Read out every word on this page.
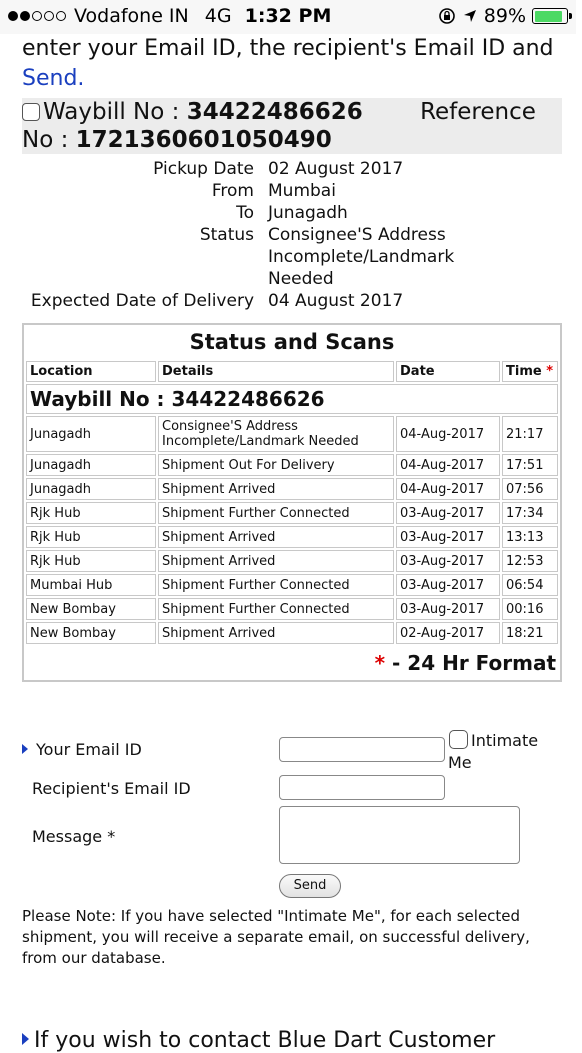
Vodafone IN 4G 1:32 PM	89%
enter your Email ID, the recipient's Email ID and Send.
Waybill No : 34422486626 Reference No : 1721360601050490
Pickup Date 02 August 2017
From Mumbai
To Junagadh
Status Consignee'S Address Incomplete/Landmark Needed
Expected Date of Delivery 04 August 2017
Status and Scans
Location	Details	Date	Time *
Waybill No : 34422486626			
Junagadh	Consignee'S Address Incomplete/Landmark Needed	04-Aug-2017	21:17
Junagadh	Shipment Out For Delivery	04-Aug-2017	17:51
Junagadh	Shipment Arrived	04-Aug-2017	07:56
Rjk Hub	Shipment Further Connected	03-Aug-2017	17:34
Rjk Hub	Shipment Arrived	03-Aug-2017	13:13
Rjk Hub	Shipment Arrived	03-Aug-2017	12:53
Mumbai Hub	Shipment Further Connected	03-Aug-2017	06:54
New Bombay	Shipment Further Connected	03-Aug-2017	00:16
New Bombay	Shipment Arrived	02-Aug-2017	18:21
* - 24 Hr Format
Your Email ID	Intimate
Me
Recipient's Email ID
Message *
Send
Please Note: If you have selected "Intimate Me", for each selected shipment, you will receive a separate email, on successful delivery, from our database.
If you wish to contact Blue Dart Customer
